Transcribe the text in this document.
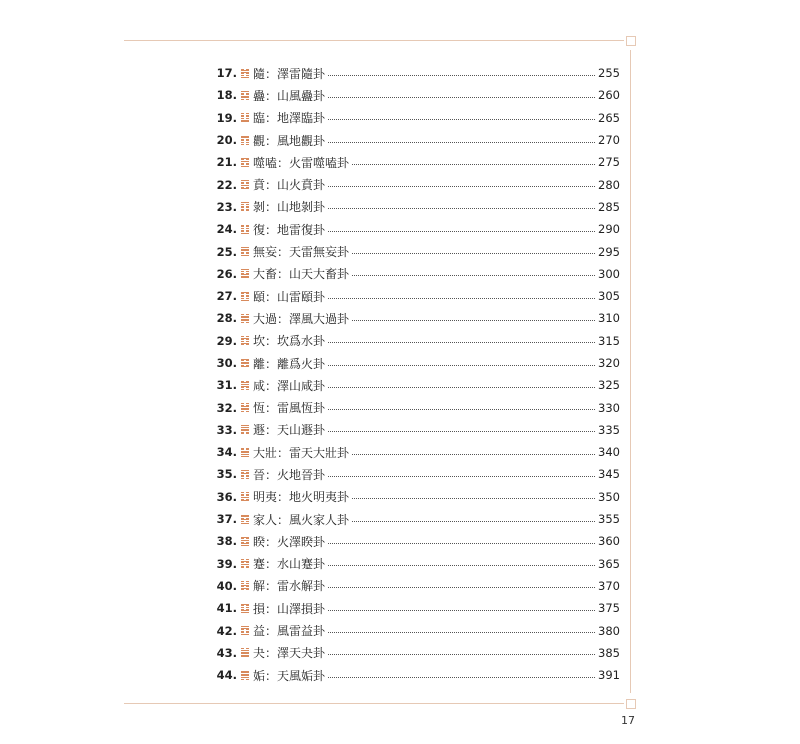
17. 隨：澤雷隨卦	255
18. 蠱：山風蠱卦	260
19. 臨：地澤臨卦	265
20. 觀：風地觀卦	270
21. 噬嗑：火雷噬嗑卦	275
22. 賁：山火賁卦	280
23. 剝：山地剝卦	285
24. 復：地雷復卦	290
25. 無妄：天雷無妄卦	295
26. 大畜：山天大畜卦	300
27. 頤：山雷頤卦	305
28. 大過：澤風大過卦	310
29. 坎：坎爲水卦	315
30. 離：離爲火卦	320
31. 咸：澤山咸卦	325
32. 恆：雷風恆卦	330
33. 遯：天山遯卦	335
34. 大壯：雷天大壯卦	340
35. 晉：火地晉卦	345
36. 明夷：地火明夷卦	350
37. 家人：風火家人卦	355
38. 睽：火澤睽卦	360
39. 蹇：水山蹇卦	365
40. 解：雷水解卦	370
41. 損：山澤損卦	375
42. 益：風雷益卦	380
43. 夬：澤天夬卦	385
44. 姤：天風姤卦	391
17
